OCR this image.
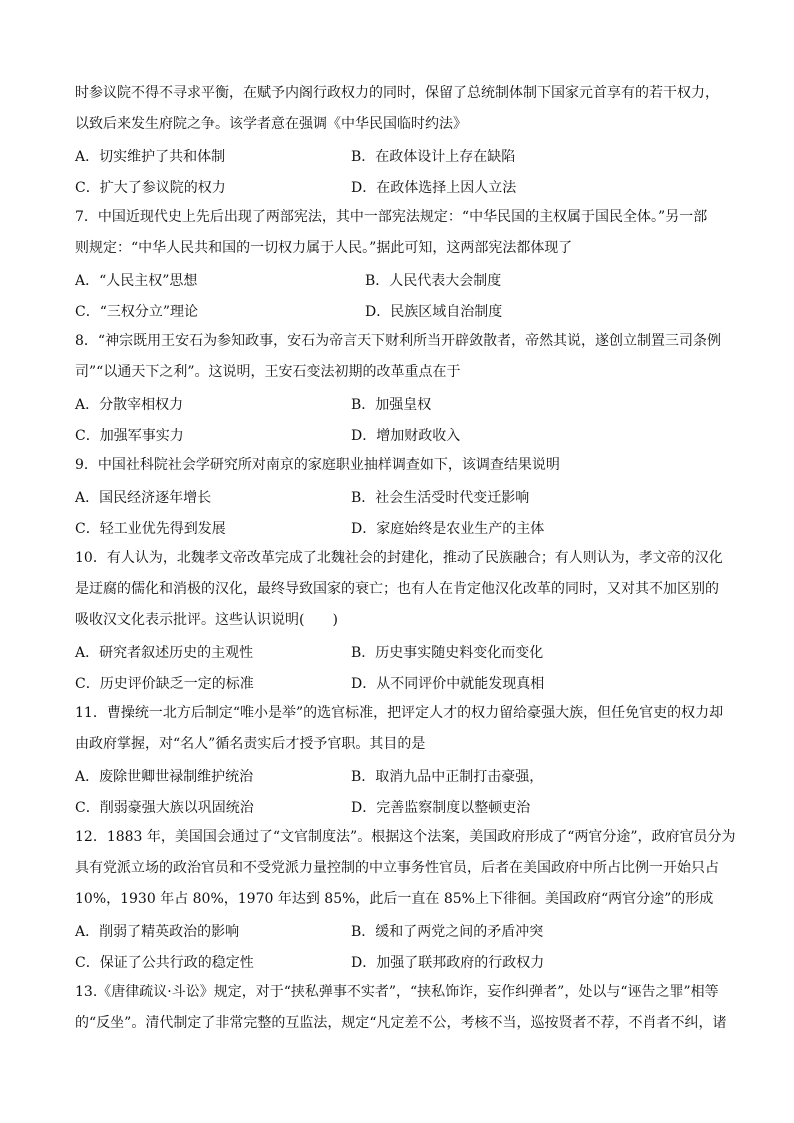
时参议院不得不寻求平衡，在赋予内阁行政权力的同时，保留了总统制体制下国家元首享有的若干权力，

以致后来发生府院之争。该学者意在强调《中华民国临时约法》

A．切实维护了共和体制	B．在政体设计上存在缺陷
C．扩大了参议院的权力	D．在政体选择上因人立法

7．中国近现代史上先后出现了两部宪法，其中一部宪法规定：“中华民国的主权属于国民全体。”另一部

则规定：“中华人民共和国的一切权力属于人民。”据此可知，这两部宪法都体现了

A．“人民主权”思想	B．人民代表大会制度
C．“三权分立”理论	D．民族区域自治制度

8．“神宗既用王安石为参知政事，安石为帝言天下财利所当开辟敛散者，帝然其说，遂创立制置三司条例

司”“以通天下之利”。这说明，王安石变法初期的改革重点在于

A．分散宰相权力	B．加强皇权
C．加强军事实力	D．增加财政收入

9．中国社科院社会学研究所对南京的家庭职业抽样调查如下，该调查结果说明

A．国民经济逐年增长	B．社会生活受时代变迁影响
C．轻工业优先得到发展	D．家庭始终是农业生产的主体

10．有人认为，北魏孝文帝改革完成了北魏社会的封建化，推动了民族融合；有人则认为，孝文帝的汉化

是迂腐的儒化和消极的汉化，最终导致国家的衰亡；也有人在肯定他汉化改革的同时，又对其不加区别的

吸收汉文化表示批评。这些认识说明(　　)

A．研究者叙述历史的主观性	B．历史事实随史料变化而变化
C．历史评价缺乏一定的标准	D．从不同评价中就能发现真相

11．曹操统一北方后制定“唯小是举”的选官标准，把评定人才的权力留给豪强大族，但任免官吏的权力却

由政府掌握，对“名人”循名责实后才授予官职。其目的是

A．废除世卿世禄制维护统治	B．取消九品中正制打击豪强，
C．削弱豪强大族以巩固统治	D．完善监察制度以整顿吏治

12．1883 年，美国国会通过了“文官制度法”。根据这个法案，美国政府形成了“两官分途”，政府官员分为

具有党派立场的政治官员和不受党派力量控制的中立事务性官员，后者在美国政府中所占比例一开始只占

10%，1930 年占 80%，1970 年达到 85%，此后一直在 85%上下徘徊。美国政府“两官分途”的形成

A．削弱了精英政治的影响	B．缓和了两党之间的矛盾冲突
C．保证了公共行政的稳定性	D．加强了联邦政府的行政权力

13.《唐律疏议·斗讼》规定，对于“挟私弹事不实者”，“挟私饰诈，妄作纠弹者”，处以与“诬告之罪”相等

的“反坐”。清代制定了非常完整的互监法，规定“凡定差不公，考核不当，巡按贤者不荐，不肖者不纠，诸
